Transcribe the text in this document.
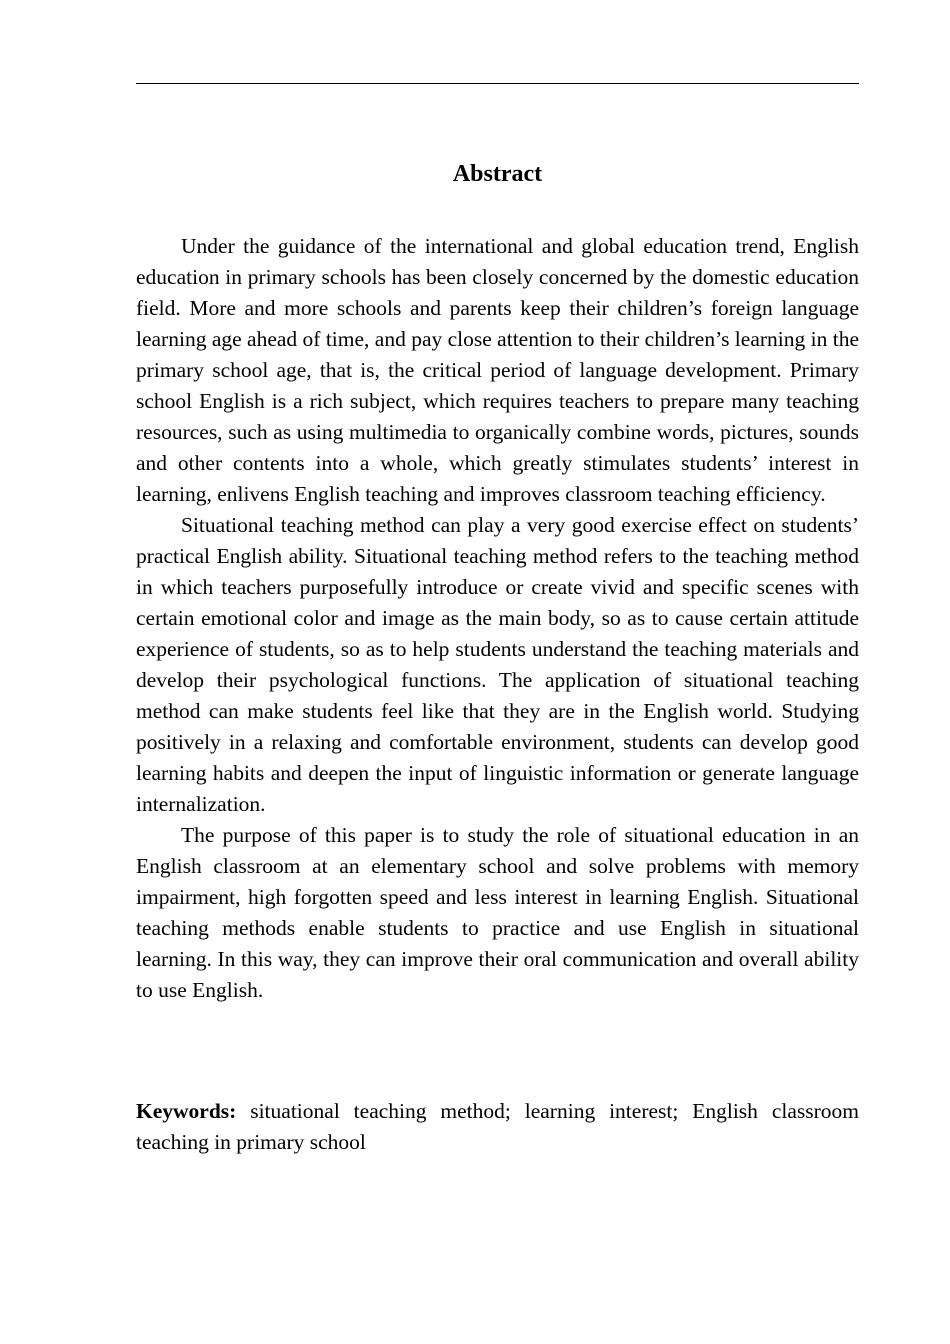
Abstract

Under the guidance of the international and global education trend, English education in primary schools has been closely concerned by the domestic education field. More and more schools and parents keep their children’s foreign language learning age ahead of time, and pay close attention to their children’s learning in the primary school age, that is, the critical period of language development. Primary school English is a rich subject, which requires teachers to prepare many teaching resources, such as using multimedia to organically combine words, pictures, sounds and other contents into a whole, which greatly stimulates students’ interest in learning, enlivens English teaching and improves classroom teaching efficiency.

Situational teaching method can play a very good exercise effect on students’ practical English ability. Situational teaching method refers to the teaching method in which teachers purposefully introduce or create vivid and specific scenes with certain emotional color and image as the main body, so as to cause certain attitude experience of students, so as to help students understand the teaching materials and develop their psychological functions. The application of situational teaching method can make students feel like that they are in the English world. Studying positively in a relaxing and comfortable environment, students can develop good learning habits and deepen the input of linguistic information or generate language internalization.

The purpose of this paper is to study the role of situational education in an English classroom at an elementary school and solve problems with memory impairment, high forgotten speed and less interest in learning English. Situational teaching methods enable students to practice and use English in situational learning. In this way, they can improve their oral communication and overall ability to use English.

Keywords: situational teaching method; learning interest; English classroom teaching in primary school
